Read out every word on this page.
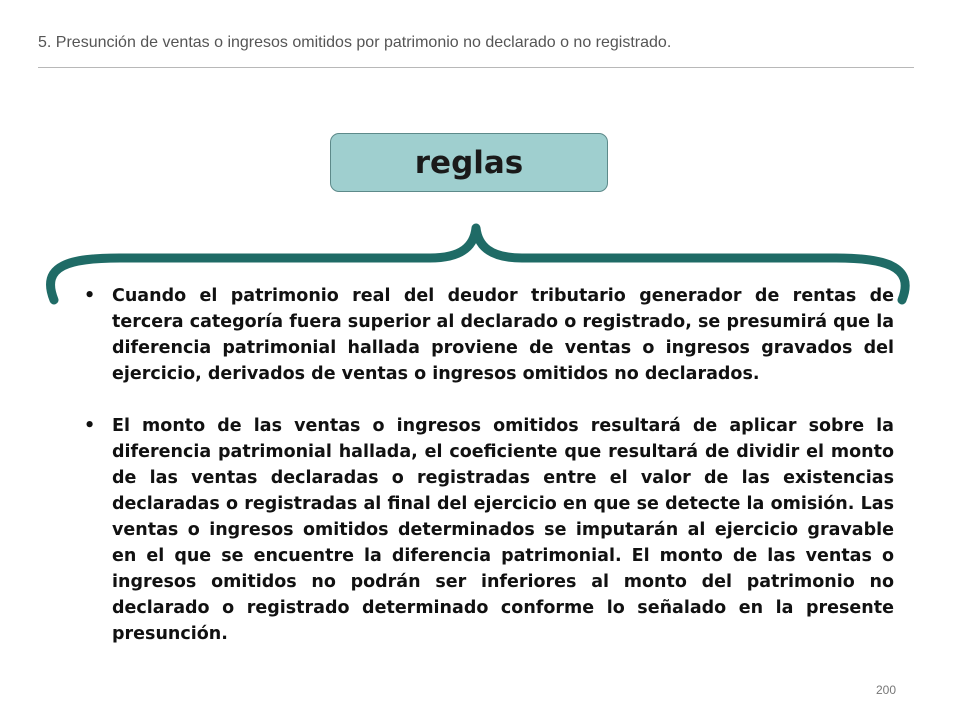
5. Presunción de ventas o ingresos omitidos por patrimonio no declarado o no registrado.
reglas
• Cuando el patrimonio real del deudor tributario generador de rentas de tercera categoría fuera superior al declarado o registrado, se presumirá que la diferencia patrimonial hallada proviene de ventas o ingresos gravados del ejercicio, derivados de ventas o ingresos omitidos no declarados.
• El monto de las ventas o ingresos omitidos resultará de aplicar sobre la diferencia patrimonial hallada, el coeficiente que resultará de dividir el monto de las ventas declaradas o registradas entre el valor de las existencias declaradas o registradas al final del ejercicio en que se detecte la omisión. Las ventas o ingresos omitidos determinados se imputarán al ejercicio gravable en el que se encuentre la diferencia patrimonial. El monto de las ventas o ingresos omitidos no podrán ser inferiores al monto del patrimonio no declarado o registrado determinado conforme lo señalado en la presente presunción.
200
